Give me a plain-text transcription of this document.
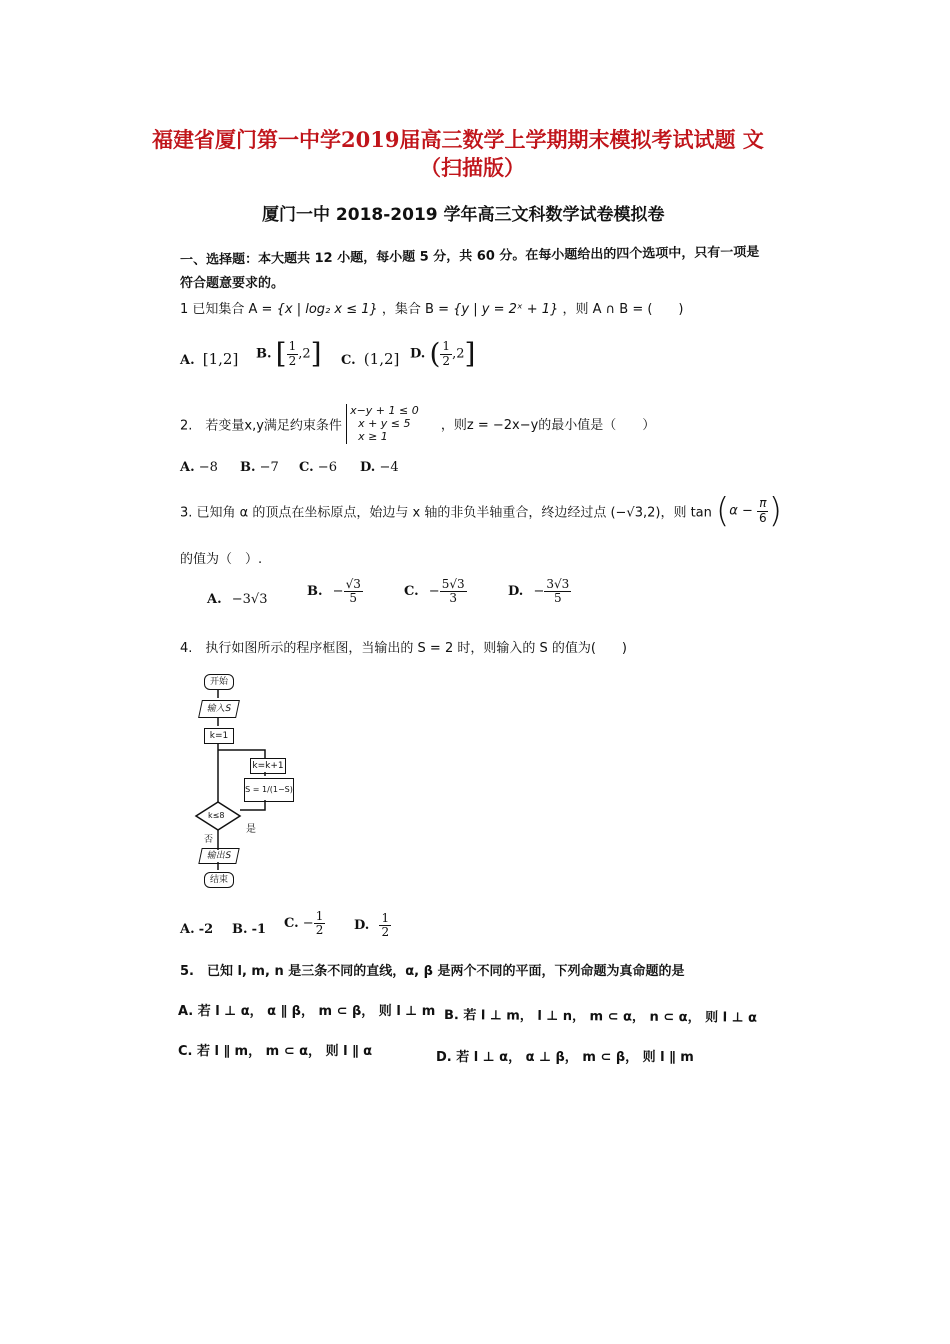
福建省厦门第一中学2019届高三数学上学期期末模拟考试试题 文
（扫描版）
厦门一中 2018-2019 学年高三文科数学试卷模拟卷
一、选择题：本大题共 12 小题，每小题 5 分，共 60 分。在每小题给出的四个选项中，只有一项是
符合题意要求的。
1 已知集合 A = {x | log₂ x ≤ 1} ，集合 B = {y | y = 2ˣ + 1} ，则 A ∩ B = (　　)
A. [1,2] B. [ $\frac{1}{2} ,2$] C. (1,2] D. ( $\frac{1}{2} ,2$]
2.　若变量x,y满足约束条件
x−y + 1 ≤ 0
x + y ≤ 5
x ≥ 1
，则z = −2x−y的最小值是（　　）
A. −8 B. −7 C. −6 D. −4
3. 已知角 α 的顶点在坐标原点，始边与 x 轴的非负半轴重合，终边经过点 (−√3,2)，则 $\tan (\alpha - \frac{\pi}{6}$ )
的值为（　）.
A. −3√3
B. − $\frac{√3}{5}$	C. − $\frac{5√3}{3}$	D. − $\frac{3√3}{5}$
4.　执行如图所示的程序框图，当输出的 S = 2 时，则输入的 S 的值为(　　)
开始
输入S
k=1
k=k+1
S = 1/(1−S)
k≤8
是
否
输出S
结束
A. -2 B. -1 C. − $\frac{1}{2} D$. $\frac{1}{2}$
5.　已知 l, m, n 是三条不同的直线，α, β 是两个不同的平面，下列命题为真命题的是
A. 若 l ⊥ α， α ∥ β， m ⊂ β， 则 l ⊥ m B. 若 l ⊥ m， l ⊥ n， m ⊂ α， n ⊂ α， 则 l ⊥ α
C. 若 l ∥ m， m ⊂ α， 则 l ∥ α	D. 若 l ⊥ α， α ⊥ β， m ⊂ β， 则 l ∥ m
